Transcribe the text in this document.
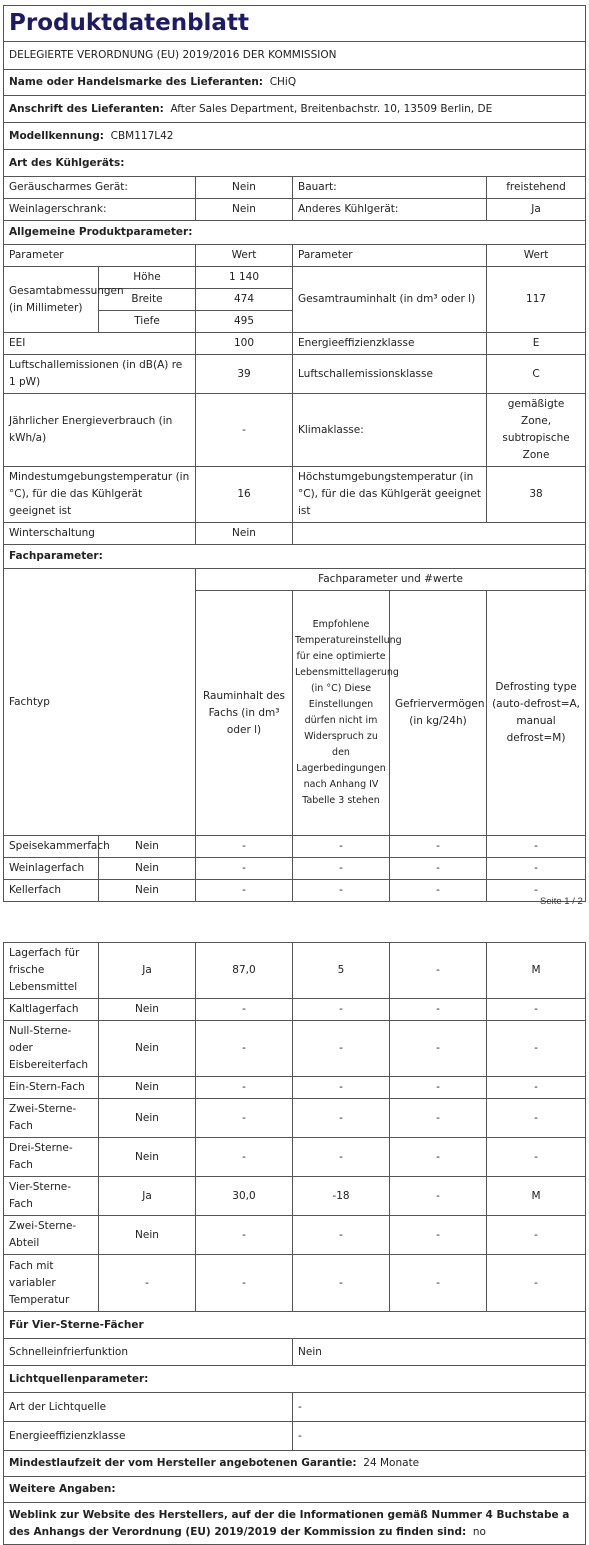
Produktdatenblatt					
DELEGIERTE VERORDNUNG (EU) 2019/2016 DER KOMMISSION					
Name oder Handelsmarke des Lieferanten: CHiQ					
Anschrift des Lieferanten: After Sales Department, Breitenbachstr. 10, 13509 Berlin, DE					
Modellkennung: CBM117L42					
Art des Kühlgeräts:					
Geräuscharmes Gerät:		Nein	Bauart:		freistehend
Weinlagerschrank:		Nein	Anderes Kühlgerät:		Ja
Allgemeine Produktparameter:					
Parameter		Wert	Parameter		Wert
Gesamtabmessungen (in Millimeter)	Höhe	1 140	Gesamtrauminhalt (in dm³ oder l)		117
	Breite	474			
	Tiefe	495			
EEI		100	Energieeffizienzklasse		E
Luftschallemissionen (in dB(A) re 1 pW)		39	Luftschallemissionsklasse		C
Jährlicher Energieverbrauch (in kWh/a)		-	Klimaklasse:		gemäßigte Zone, subtropische Zone
Mindestumgebungstemperatur (in °C), für die das Kühlgerät geeignet ist		16	Höchstumgebungstemperatur (in °C), für die das Kühlgerät geeignet ist		38
Winterschaltung		Nein			
Fachparameter:					
Fachtyp		Fachparameter und #werte			
		Rauminhalt des Fachs (in dm³ oder l)	Empfohlene Temperatureinstellung für eine optimierte Lebensmittellagerung (in °C) Diese Einstellungen dürfen nicht im Widerspruch zu den Lagerbedingungen nach Anhang IV Tabelle 3 stehen	Gefriervermögen (in kg/24h)	Defrosting type (auto-defrost=A, manual defrost=M)
Speisekammerfach	Nein	-	-	-	-
Weinlagerfach	Nein	-	-	-	-
Kellerfach	Nein	-	-	-	-
Seite 1 / 2
Lagerfach für frische Lebensmittel	Ja	87,0	5	-	M
Kaltlagerfach	Nein	-	-	-	-
Null-Sterne- oder Eisbereiterfach	Nein	-	-	-	-
Ein-Stern-Fach	Nein	-	-	-	-
Zwei-Sterne-Fach	Nein	-	-	-	-
Drei-Sterne-Fach	Nein	-	-	-	-
Vier-Sterne-Fach	Ja	30,0	-18	-	M
Zwei-Sterne-Abteil	Nein	-	-	-	-
Fach mit variabler Temperatur	-	-	-	-	-
Für Vier-Sterne-Fächer					
Schnelleinfrierfunktion			Nein		
Lichtquellenparameter:					
Art der Lichtquelle			-		
Energieeffizienzklasse			-		
Mindestlaufzeit der vom Hersteller angebotenen Garantie: 24 Monate					
Weitere Angaben:					
Weblink zur Website des Herstellers, auf der die Informationen gemäß Nummer 4 Buchstabe a des Anhangs der Verordnung (EU) 2019/2019 der Kommission zu finden sind: no					
